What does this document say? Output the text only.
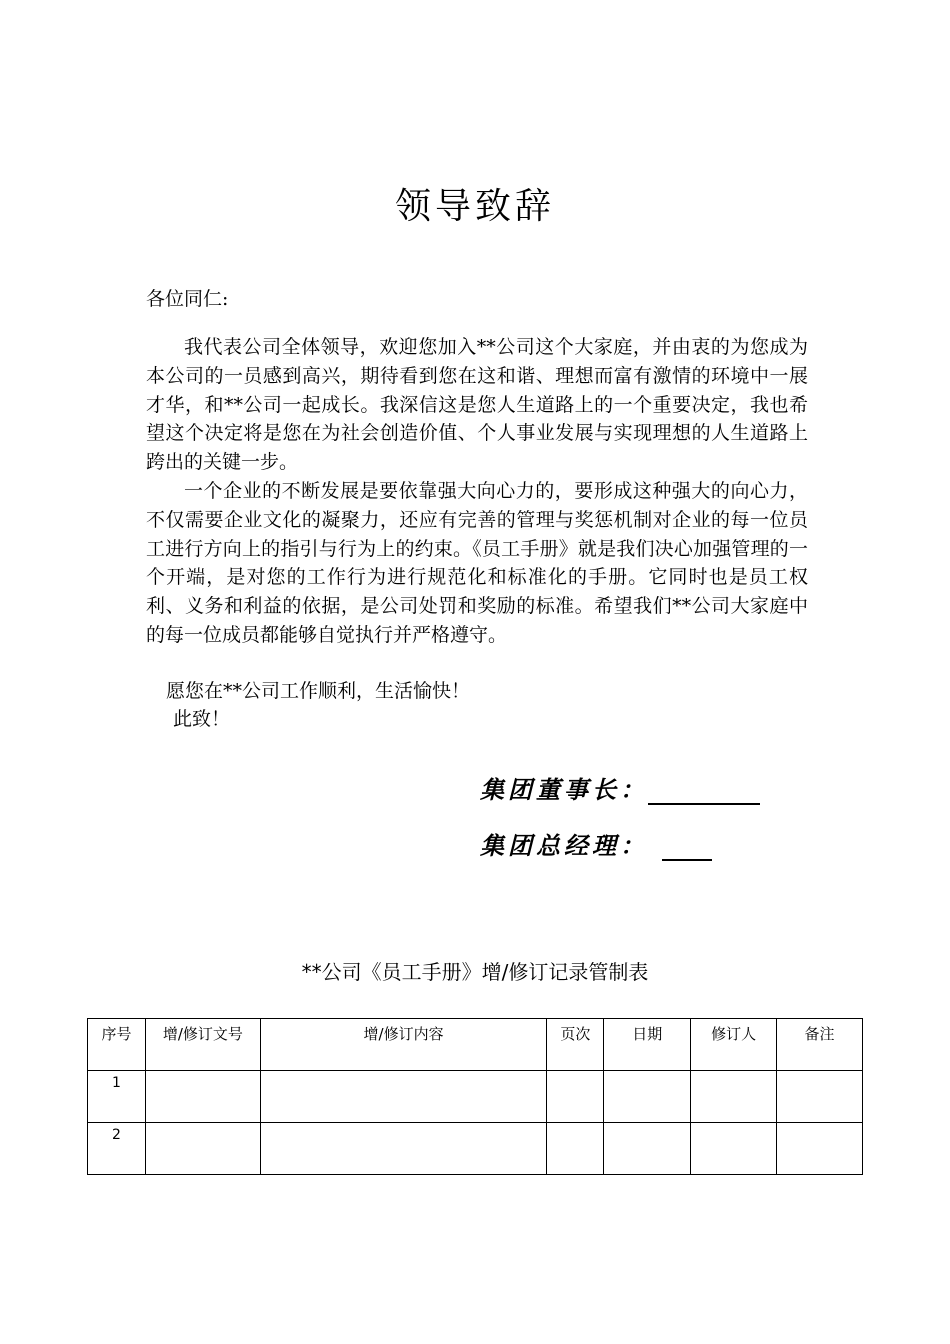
领导致辞
各位同仁:

我代表公司全体领导，欢迎您加入**公司这个大家庭，并由衷的为您成为本公司的一员感到高兴，期待看到您在这和谐、理想而富有激情的环境中一展才华，和**公司一起成长。我深信这是您人生道路上的一个重要决定，我也希望这个决定将是您在为社会创造价值、个人事业发展与实现理想的人生道路上跨出的关键一步。

一个企业的不断发展是要依靠强大向心力的，要形成这种强大的向心力，不仅需要企业文化的凝聚力，还应有完善的管理与奖惩机制对企业的每一位员工进行方向上的指引与行为上的约束。《员工手册》就是我们决心加强管理的一个开端，是对您的工作行为进行规范化和标准化的手册。它同时也是员工权利、义务和利益的依据，是公司处罚和奖励的标准。希望我们**公司大家庭中的每一位成员都能够自觉执行并严格遵守。

愿您在**公司工作顺利，生活愉快！
此致！
集团董事长：
集团总经理：
**公司《员工手册》增/修订记录管制表
序号	增/修订文号	增/修订内容	页次	日期	修订人	备注
1						
2						
